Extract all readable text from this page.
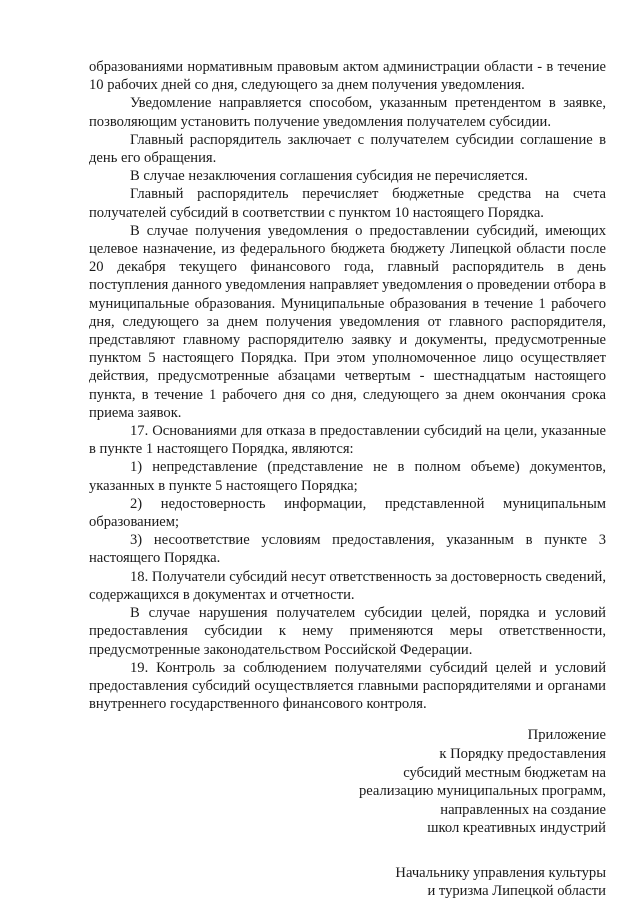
образованиями нормативным правовым актом администрации области - в течение 10 рабочих дней со дня, следующего за днем получения уведомления.

Уведомление направляется способом, указанным претендентом в заявке, позволяющим установить получение уведомления получателем субсидии.

Главный распорядитель заключает с получателем субсидии соглашение в день его обращения.

В случае незаключения соглашения субсидия не перечисляется.

Главный распорядитель перечисляет бюджетные средства на счета получателей субсидий в соответствии с пунктом 10 настоящего Порядка.

В случае получения уведомления о предоставлении субсидий, имеющих целевое назначение, из федерального бюджета бюджету Липецкой области после 20 декабря текущего финансового года, главный распорядитель в день поступления данного уведомления направляет уведомления о проведении отбора в муниципальные образования. Муниципальные образования в течение 1 рабочего дня, следующего за днем получения уведомления от главного распорядителя, представляют главному распорядителю заявку и документы, предусмотренные пунктом 5 настоящего Порядка. При этом уполномоченное лицо осуществляет действия, предусмотренные абзацами четвертым - шестнадцатым настоящего пункта, в течение 1 рабочего дня со дня, следующего за днем окончания срока приема заявок.

17. Основаниями для отказа в предоставлении субсидий на цели, указанные в пункте 1 настоящего Порядка, являются:

1) непредставление (представление не в полном объеме) документов, указанных в пункте 5 настоящего Порядка;

2) недостоверность информации, представленной муниципальным образованием;

3) несоответствие условиям предоставления, указанным в пункте 3 настоящего Порядка.

18. Получатели субсидий несут ответственность за достоверность сведений, содержащихся в документах и отчетности.

В случае нарушения получателем субсидии целей, порядка и условий предоставления субсидии к нему применяются меры ответственности, предусмотренные законодательством Российской Федерации.

19. Контроль за соблюдением получателями субсидий целей и условий предоставления субсидий осуществляется главными распорядителями и органами внутреннего государственного финансового контроля.

Приложение
к Порядку предоставления
субсидий местным бюджетам на
реализацию муниципальных программ,
направленных на создание
школ креативных индустрий
Начальнику управления культуры
и туризма Липецкой области
